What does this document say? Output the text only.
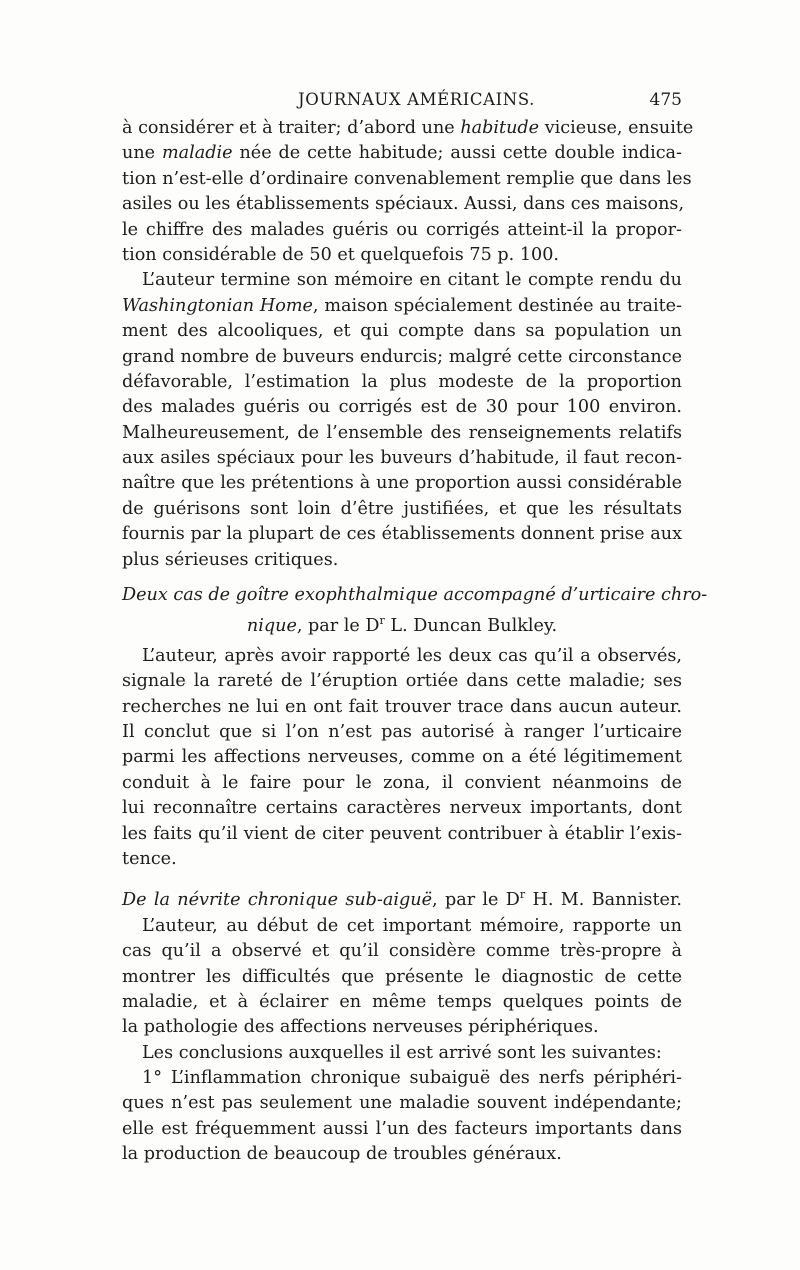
JOURNAUX AMÉRICAINS.	475
à considérer et à traiter; d’abord une habitude vicieuse, ensuite
une maladie née de cette habitude; aussi cette double indica-
tion n’est-elle d’ordinaire convenablement remplie que dans les
asiles ou les établissements spéciaux. Aussi, dans ces maisons,
le chiffre des malades guéris ou corrigés atteint-il la propor-
tion considérable de 50 et quelquefois 75 p. 100.
L’auteur termine son mémoire en citant le compte rendu du
Washingtonian Home, maison spécialement destinée au traite-
ment des alcooliques, et qui compte dans sa population un
grand nombre de buveurs endurcis; malgré cette circonstance
défavorable, l’estimation la plus modeste de la proportion
des malades guéris ou corrigés est de 30 pour 100 environ.
Malheureusement, de l’ensemble des renseignements relatifs
aux asiles spéciaux pour les buveurs d’habitude, il faut recon-
naître que les prétentions à une proportion aussi considérable
de guérisons sont loin d’être justifiées, et que les résultats
fournis par la plupart de ces établissements donnent prise aux
plus sérieuses critiques.
Deux cas de goître exophthalmique accompagné d’urticaire chro-
nique, par le $D^r$ L. Duncan Bulkley.
L’auteur, après avoir rapporté les deux cas qu’il a observés,
signale la rareté de l’éruption ortiée dans cette maladie; ses
recherches ne lui en ont fait trouver trace dans aucun auteur.
Il conclut que si l’on n’est pas autorisé à ranger l’urticaire
parmi les affections nerveuses, comme on a été légitimement
conduit à le faire pour le zona, il convient néanmoins de
lui reconnaître certains caractères nerveux importants, dont
les faits qu’il vient de citer peuvent contribuer à établir l’exis-
tence.
De la névrite chronique sub-aiguë, par le $D^r$ H. M. Bannister.
L’auteur, au début de cet important mémoire, rapporte un
cas qu’il a observé et qu’il considère comme très-propre à
montrer les difficultés que présente le diagnostic de cette
maladie, et à éclairer en même temps quelques points de
la pathologie des affections nerveuses périphériques.
Les conclusions auxquelles il est arrivé sont les suivantes:
1° L’inflammation chronique subaiguë des nerfs périphéri-
ques n’est pas seulement une maladie souvent indépendante;
elle est fréquemment aussi l’un des facteurs importants dans
la production de beaucoup de troubles généraux.
